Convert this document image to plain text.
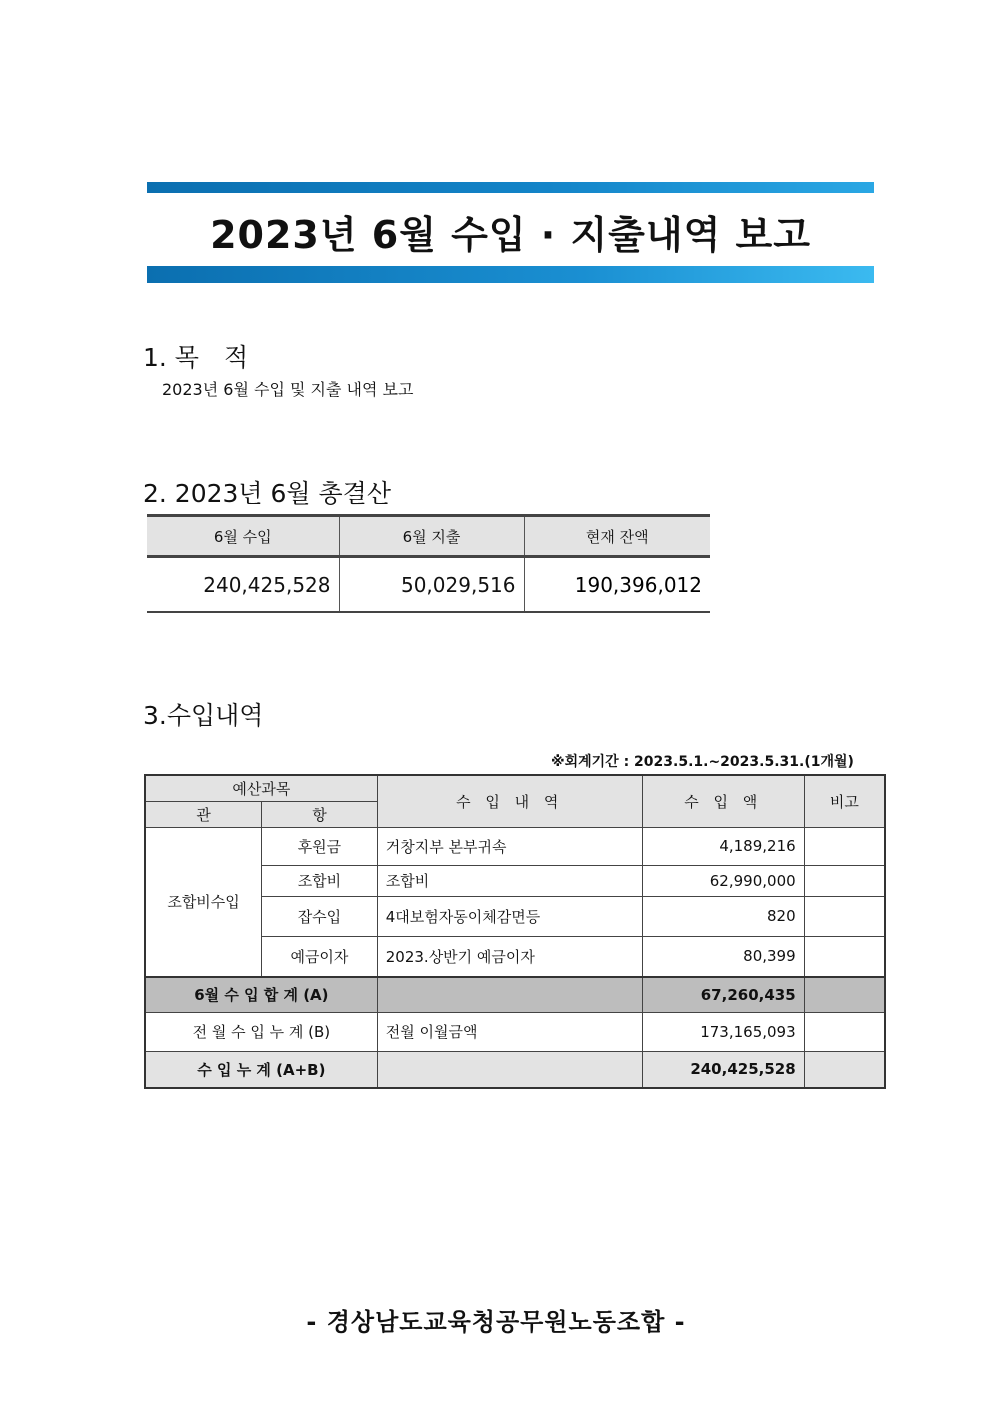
2023년 6월 수입 · 지출내역 보고
1. 목　적
2023년 6월 수입 및 지출 내역 보고
2. 2023년 6월 총결산
6월 수입	6월 지출	현재 잔액
240,425,528	50,029,516	190,396,012
3.수입내역
※회계기간 : 2023.5.1.~2023.5.31.(1개월)
예산과목		수 입 내 역	수 입 액	비고
관	항			
조합비수입	후원금	거창지부 본부귀속	4,189,216	
	조합비	조합비	62,990,000	
	잡수입	4대보험자동이체감면등	820	
	예금이자	2023.상반기 예금이자	80,399	
6월 수 입 합 계 (A)			67,260,435	
전 월 수 입 누 계 (B)		전월 이월금액	173,165,093	
수 입 누 계 (A+B)			240,425,528	
- 경상남도교육청공무원노동조합 -
